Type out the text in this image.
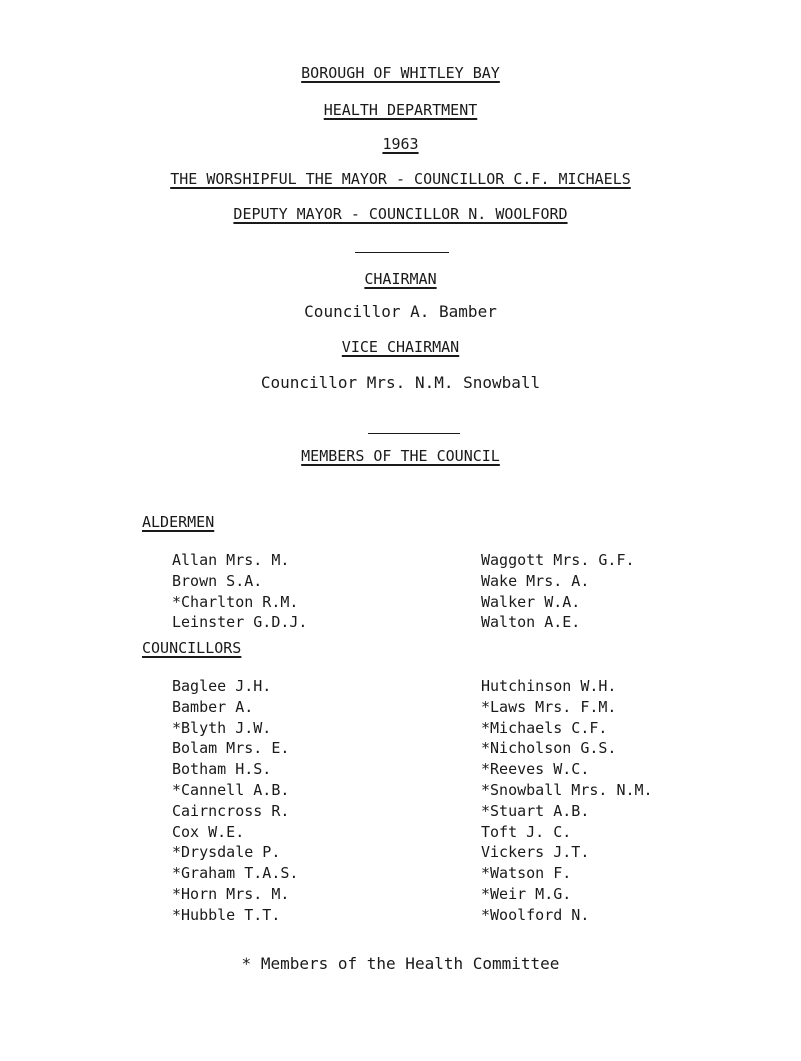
BOROUGH OF WHITLEY BAY
HEALTH DEPARTMENT
1963
THE WORSHIPFUL THE MAYOR - COUNCILLOR C.F. MICHAELS
DEPUTY MAYOR - COUNCILLOR N. WOOLFORD
CHAIRMAN
Councillor A. Bamber
VICE CHAIRMAN
Councillor Mrs. N.M. Snowball
MEMBERS OF THE COUNCIL
ALDERMEN
Allan Mrs. M.
Brown S.A.
*Charlton R.M.
Leinster G.D.J.
Waggott Mrs. G.F.
Wake Mrs. A.
Walker W.A.
Walton A.E.
COUNCILLORS
Baglee J.H.
Bamber A.
*Blyth J.W.
Bolam Mrs. E.
Botham H.S.
*Cannell A.B.
Cairncross R.
Cox W.E.
*Drysdale P.
*Graham T.A.S.
*Horn Mrs. M.
*Hubble T.T.
Hutchinson W.H.
*Laws Mrs. F.M.
*Michaels C.F.
*Nicholson G.S.
*Reeves W.C.
*Snowball Mrs. N.M.
*Stuart A.B.
Toft J. C.
Vickers J.T.
*Watson F.
*Weir M.G.
*Woolford N.
* Members of the Health Committee
